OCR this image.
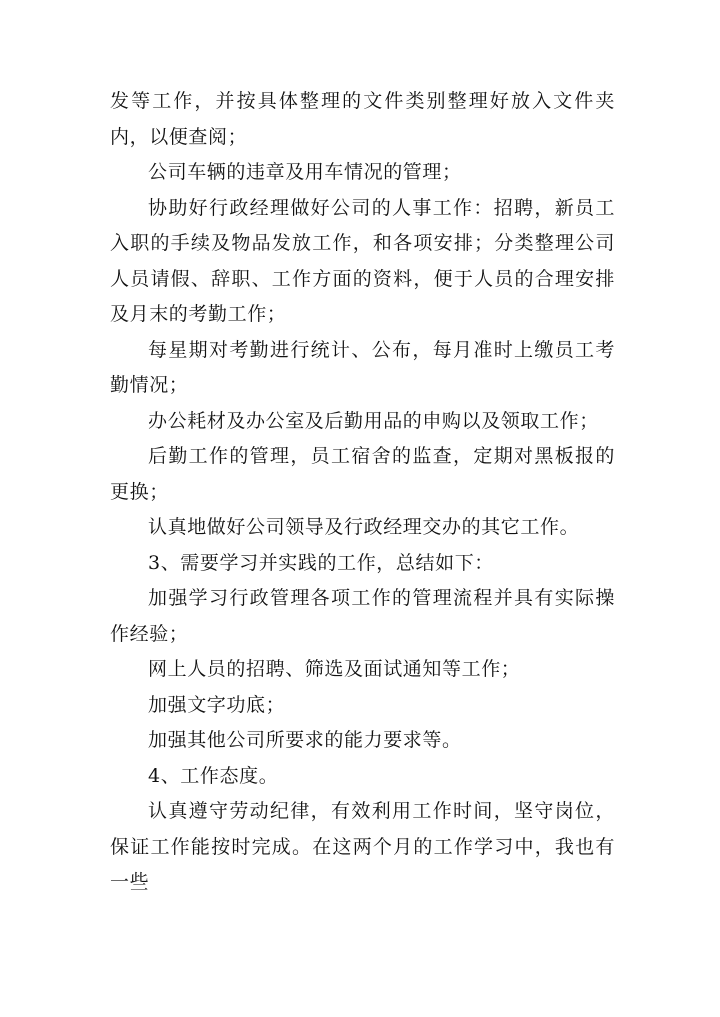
发等工作，并按具体整理的文件类别整理好放入文件夹内，以便查阅；

公司车辆的违章及用车情况的管理；

协助好行政经理做好公司的人事工作：招聘，新员工入职的手续及物品发放工作，和各项安排；分类整理公司人员请假、辞职、工作方面的资料，便于人员的合理安排及月末的考勤工作；

每星期对考勤进行统计、公布，每月准时上缴员工考勤情况；

办公耗材及办公室及后勤用品的申购以及领取工作；

后勤工作的管理，员工宿舍的监查，定期对黑板报的更换；

认真地做好公司领导及行政经理交办的其它工作。

3、需要学习并实践的工作，总结如下：

加强学习行政管理各项工作的管理流程并具有实际操作经验；

网上人员的招聘、筛选及面试通知等工作；

加强文字功底；

加强其他公司所要求的能力要求等。

4、工作态度。

认真遵守劳动纪律，有效利用工作时间，坚守岗位，保证工作能按时完成。在这两个月的工作学习中，我也有一些
